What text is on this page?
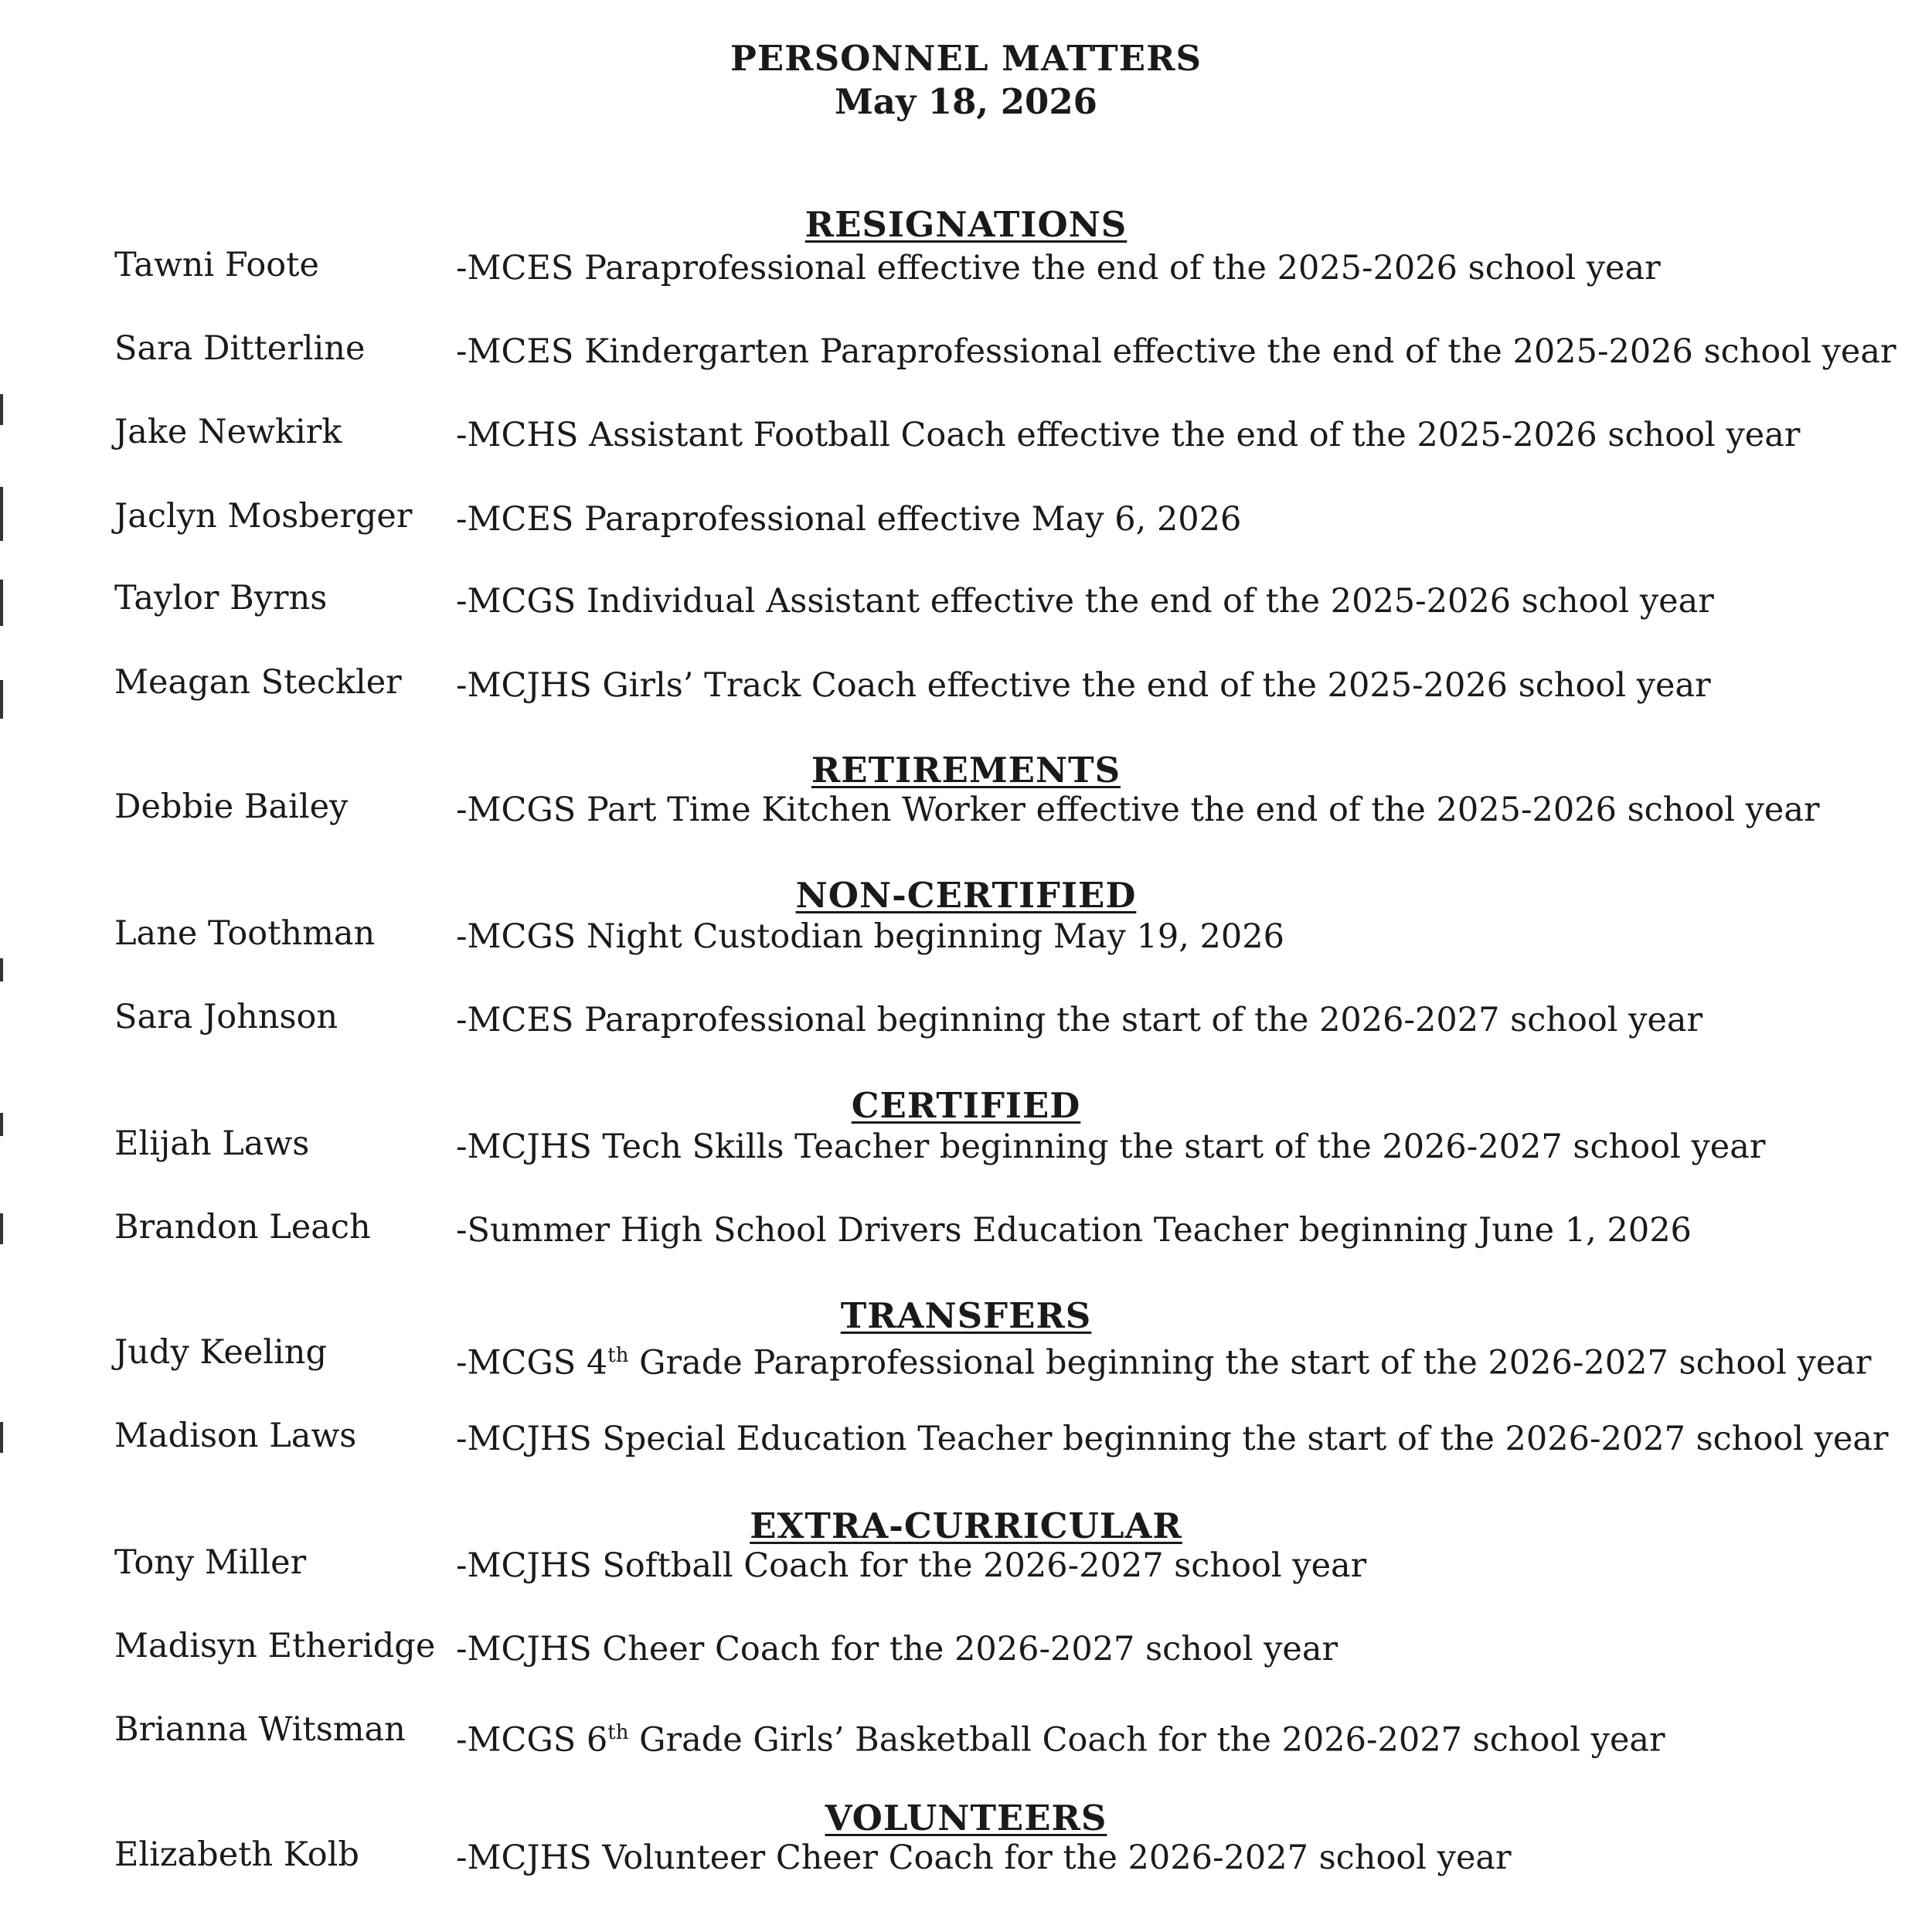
PERSONNEL MATTERS
May 18, 2026
RESIGNATIONS
Tawni Foote	-MCES Paraprofessional effective the end of the 2025-2026 school year
Sara Ditterline	-MCES Kindergarten Paraprofessional effective the end of the 2025-2026 school year
Jake Newkirk	-MCHS Assistant Football Coach effective the end of the 2025-2026 school year
Jaclyn Mosberger -MCES Paraprofessional effective May 6, 2026
Taylor Byrns	-MCGS Individual Assistant effective the end of the 2025-2026 school year
Meagan Steckler -MCJHS Girls’ Track Coach effective the end of the 2025-2026 school year
RETIREMENTS
Debbie Bailey	-MCGS Part Time Kitchen Worker effective the end of the 2025-2026 school year
NON-CERTIFIED
Lane Toothman -MCGS Night Custodian beginning May 19, 2026
Sara Johnson	-MCES Paraprofessional beginning the start of the 2026-2027 school year
CERTIFIED
Elijah Laws	-MCJHS Tech Skills Teacher beginning the start of the 2026-2027 school year
Brandon Leach	-Summer High School Drivers Education Teacher beginning June 1, 2026
TRANSFERS
Judy Keeling	-MCGS 4th Grade Paraprofessional beginning the start of the 2026-2027 school year
Madison Laws	-MCJHS Special Education Teacher beginning the start of the 2026-2027 school year
EXTRA-CURRICULAR
Tony Miller	-MCJHS Softball Coach for the 2026-2027 school year
Madisyn Etheridge -MCJHS Cheer Coach for the 2026-2027 school year
Brianna Witsman -MCGS 6th Grade Girls’ Basketball Coach for the 2026-2027 school year
VOLUNTEERS
Elizabeth Kolb	-MCJHS Volunteer Cheer Coach for the 2026-2027 school year
